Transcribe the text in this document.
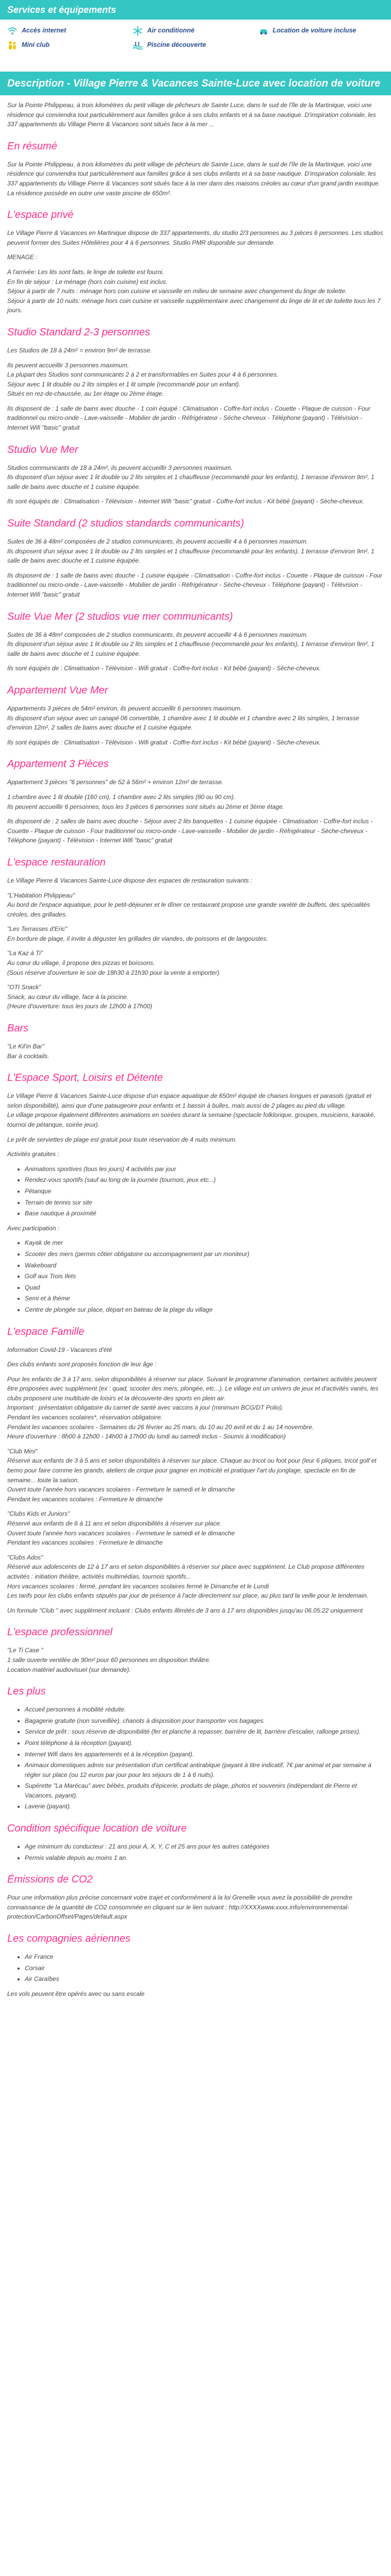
Services et équipements
Accès internet	Air conditionné	Location de voiture incluse
Mini club	Piscine découverte
Description - Village Pierre & Vacances Sainte-Luce avec location de voiture

Sur la Pointe Philippeau, à trois kilomètres du petit village de pêcheurs de Sainte Luce, dans le sud de l'île de la Martinique, voici une résidence qui conviendra tout particulièrement aux familles grâce à ses clubs enfants et à sa base nautique. D'inspiration coloniale, les 337 appartements du Village Pierre & Vacances sont situés face à la mer ...

En résumé

Sur la Pointe Philippeau, à trois kilomètres du petit village de pêcheurs de Sainte Luce, dans le sud de l'île de la Martinique, voici une résidence qui conviendra tout particulièrement aux familles grâce à ses clubs enfants et à sa base nautique. D'inspiration coloniale, les 337 appartements du Village Pierre & Vacances sont situés face à la mer dans des maisons créoles au cœur d'un grand jardin exotique. La résidence possède en outre une vaste piscine de 650m².

L'espace privé

Le Village Pierre & Vacances en Martinique dispose de 337 appartements, du studio 2/3 personnes au 3 pièces 6 personnes. Les studios peuvent former des Suites Hôtelières pour 4 à 6 personnes. Studio PMR disponible sur demande.

MENAGE :

A l'arrivée: Les lits sont faits, le linge de toilette est fourni.
En fin de séjour : Le ménage (hors coin cuisine) est inclus.
Séjour à partir de 7 nuits : ménage hors coin cuisine et vaisselle en milieu de semaine avec changement du linge de toilette.
Séjour à partir de 10 nuits: ménage hors coin cuisine et vaisselle supplémentaire avec changement du linge de lit et de toilette tous les 7 jours.

Studio Standard 2-3 personnes

Les Studios de 18 à 24m² = environ 9m² de terrasse.

Ils peuvent accueillir 3 personnes maximum.
La plupart des Studios sont communicants 2 à 2 et transformables en Suites pour 4 à 6 personnes.
Séjour avec 1 lit double ou 2 lits simples et 1 lit simple (recommandé pour un enfant).
Situés en rez-de-chaussée, au 1er étage ou 2ème étage.

Ils disposent de : 1 salle de bains avec douche - 1 coin équipé : Climatisation - Coffre-fort inclus - Couette - Plaque de cuisson - Four traditionnel ou micro-onde - Lave-vaisselle - Mobilier de jardin - Réfrigérateur - Sèche-cheveux - Téléphone (payant) - Télévision - Internet Wifi "basic" gratuit

Studio Vue Mer

Studios communicants de 18 à 24m², ils peuvent accueillir 3 personnes maximum.
Ils disposent d'un séjour avec 1 lit double ou 2 lits simples et 1 chauffeuse (recommandé pour les enfants), 1 terrasse d'environ 9m², 1 salle de bains avec douche et 1 cuisine équipée.

Ils sont équipés de : Climatisation - Télévision - Internet Wifi "basic" gratuit - Coffre-fort inclus - Kit bébé (payant) - Sèche-cheveux.

Suite Standard (2 studios standards communicants)

Suites de 36 à 48m² composées de 2 studios communicants, ils peuvent accueillir 4 à 6 personnes maximum.
Ils disposent d'un séjour avec 1 lit double ou 2 lits simples et 1 chauffeuse (recommandé pour les enfants), 1 terrasse d'environ 9m², 1 salle de bains avec douche et 1 cuisine équipée.

Ils disposent de : 1 salle de bains avec douche - 1 cuisine équipée - Climatisation - Coffre-fort inclus - Couette - Plaque de cuisson - Four traditionnel ou micro-onde - Lave-vaisselle - Mobilier de jardin - Réfrigérateur - Sèche-cheveux - Téléphone (payant) - Télévision - Internet Wifi "basic" gratuit

Suite Vue Mer (2 studios vue mer communicants)

Suites de 36 à 48m² composées de 2 studios communicants, ils peuvent accueillir 4 à 6 personnes maximum.
Ils disposent d'un séjour avec 1 lit double ou 2 lits simples et 1 chauffeuse (recommandé pour les enfants), 1 terrasse d'environ 9m², 1 salle de bains avec douche et 1 cuisine équipée.

Ils sont équipés de : Climatisation - Télévision - Wifi gratuit - Coffre-fort inclus - Kit bébé (payant) - Sèche-cheveux.

Appartement Vue Mer

Appartements 3 pièces de 54m² environ, ils peuvent accueillir 6 personnes maximum.
Ils disposent d'un séjour avec un canapé 06 convertible, 1 chambre avec 1 lit double et 1 chambre avec 2 lits simples, 1 terrasse d'environ 12m², 2 salles de bains avec douche et 1 cuisine équipée.

Ils sont équipés de : Climatisation - Télévision - Wifi gratuit - Coffre-fort inclus - Kit bébé (payant) - Sèche-cheveux.

Appartement 3 Pièces

Appartement 3 pièces "6 personnes" de 52 à 56m² + environ 12m² de terrasse.

1 chambre avec 1 lit double (160 cm), 1 chambre avec 2 lits simples (80 ou 90 cm).
Ils peuvent accueillir 6 personnes, tous les 3 pièces 6 personnes sont situés au 2ème et 3ème étage.

Ils disposent de : 2 salles de bains avec douche - Séjour avec 2 lits banquettes - 1 cuisine équipée - Climatisation - Coffre-fort inclus - Couette - Plaque de cuisson - Four traditionnel ou micro-onde - Lave-vaisselle - Mobilier de jardin - Réfrigérateur - Sèche-cheveux - Téléphone (payant) - Télévision - Internet Wifi "basic" gratuit

L'espace restauration

Le Village Pierre & Vacances Sainte-Luce dispose des espaces de restauration suivants :

"L'Habitation Philippeau"
Au bord de l'espace aquatique, pour le petit-déjeuner et le dîner ce restaurant propose une grande variété de buffets, des spécialités créoles, des grillades.

"Les Terrasses d'Eric"
En bordure de plage, il invite à déguster les grillades de viandes, de poissons et de langoustes.

"La Kaz à Ti"
Au cœur du village, il propose des pizzas et boissons.
(Sous réserve d'ouverture le soir de 18h30 à 21h30 pour la vente à emporter)

"OTI Snack"
Snack, au cœur du village, face à la piscine.
(Heure d'ouverture: tous les jours de 12h00 à 17h00)

Bars

"Le Kil'in Bar"
Bar à cocktails.

L'Espace Sport, Loisirs et Détente

Le Village Pierre & Vacances Sainte-Luce dispose d'un espace aquatique de 650m² équipé de chaises longues et parasols (gratuit et selon disponibilité), ainsi que d'une pataugeoire pour enfants et 1 bassin à bulles, mais aussi de 2 plages au pied du village.
Le village propose également différentes animations en soirées durant la semaine (spectacle folklorique, groupes, musiciens, karaoké, tournoi de pétanque, soirée jeux).

Le prêt de serviettes de plage est gratuit pour toute réservation de 4 nuits minimum.

Activités gratuites :

• Animations sportives (tous les jours) 4 activités par jour
• Rendez-vous sportifs (sauf au long de la journée (tournois, jeux etc...)
• Pétanque
• Terrain de tennis sur site
• Base nautique à proximité

Avec participation :

• Kayak de mer
• Scooter des mers (permis côtier obligatoire ou accompagnement par un moniteur)
• Wakeboard
• Golf aux Trois Ilets
• Quad
• Semi et à thème
• Centre de plongée sur place, départ en bateau de la plage du village
L'espace Famille

Information Covid-19 - Vacances d'été

Des clubs enfants sont proposés fonction de leur âge :

Pour les enfants de 3 à 17 ans, selon disponibilités à réserver sur place. Suivant le programme d'animation, certaines activités peuvent être proposées avec supplément (ex : quad, scooter des mers, plongée, etc...). Le village est un univers de jeux et d'activités variés, les clubs proposent une multitude de loisirs et la découverte des sports en plein air.
Important : présentation obligatoire du carnet de santé avec vaccins à jour (minimum BCG/DT Polio).
Pendant les vacances scolaires*, réservation obligatoire.
Pendant les vacances scolaires - Semaines du 26 février au 25 mars, du 10 au 20 avril et du 1 au 14 novembre.
Heure d'ouverture : 8h00 à 12h00 - 14h00 à 17h00 du lundi au samedi inclus - Soumis à modification)

"Club Mini"
Réservé aux enfants de 3 à 5 ans et selon disponibilités à réserver sur place. Chaque au tricot ou foot pour (leur 6 pliques, tricot golf et bemo pour faire comme les grands, ateliers de cirque pour gagner en motricité et pratiquer l'art du jonglage, spectacle en fin de semaine... toute la saison.
Ouvert toute l'année hors vacances scolaires - Fermeture le samedi et le dimanche
Pendant les vacances scolaires : Fermeture le dimanche

"Clubs Kids et Juniors"
Réservé aux enfants de 6 à 11 ans et selon disponibilités à réserver sur place.
Ouvert toute l'année hors vacances scolaires - Fermeture le samedi et le dimanche
Pendant les vacances scolaires : Fermeture le dimanche

"Clubs Ados"
Réservé aux adolescents de 12 à 17 ans et selon disponibilités à réserver sur place avec supplément. Le Club propose différentes activités : initiation théâtre, activités multimédias, tournois sportifs...
Hors vacances scolaires : fermé, pendant les vacances scolaires fermé le Dimanche et le Lundi
Les tarifs pour les clubs enfants stipulés par jour de présence à l'acte directement sur place, au plus tard la veille pour le lendemain.

Un formule "Club " avec supplément incluant : Clubs enfants illimités de 3 ans à 17 ans disponibles jusqu'au 06.05.22 uniquement

L'espace professionnel

"Le Ti Case "
1 salle ouverte ventilée de 90m² pour 60 personnes en disposition théâtre.
Location matériel audiovisuel (sur demande).

Les plus
• Accueil personnes à mobilité réduite.
• Bagagerie gratuite (non surveillée), chariots à disposition pour transporter vos bagages.
• Service de prêt : sous réserve de disponibilité (fer et planche à repasser, barrière de lit, barrière d'escalier, rallonge prises).
• Point téléphone à la réception (payant).
• Internet Wifi dans les appartements et à la réception (payant).
• Animaux domestiques admis sur présentation d'un certificat antirabique (payant à titre indicatif, 7€ par animal et par semaine à régler sur place (ou 12 euros par jour pour les séjours de 1 à 6 nuits).
• Supérette "La Marécau" avec bébés, produits d'épicerie, produits de plage, photos et souvenirs (indépendant de Pierre et Vacances, payant).
• Laverie (payant).
Condition spécifique location de voiture
• Age minimum du conducteur : 21 ans pour A, X, Y, C et 25 ans pour les autres catégories
• Permis valable depuis au moins 1 an.
Émissions de CO2

Pour une information plus précise concernant votre trajet et conformément à la loi Grenelle vous avez la possibilité de prendre connaissance de la quantité de CO2 consommée en cliquant sur le lien suivant : http://XXXXwww.xxxx.info/environnemental-protection/CarbonOffset/Pages/default.aspx

Les compagnies aériennes
• Air France
• Corsair
• Air Caraïbes

Les vols peuvent être opérés avec ou sans escale
